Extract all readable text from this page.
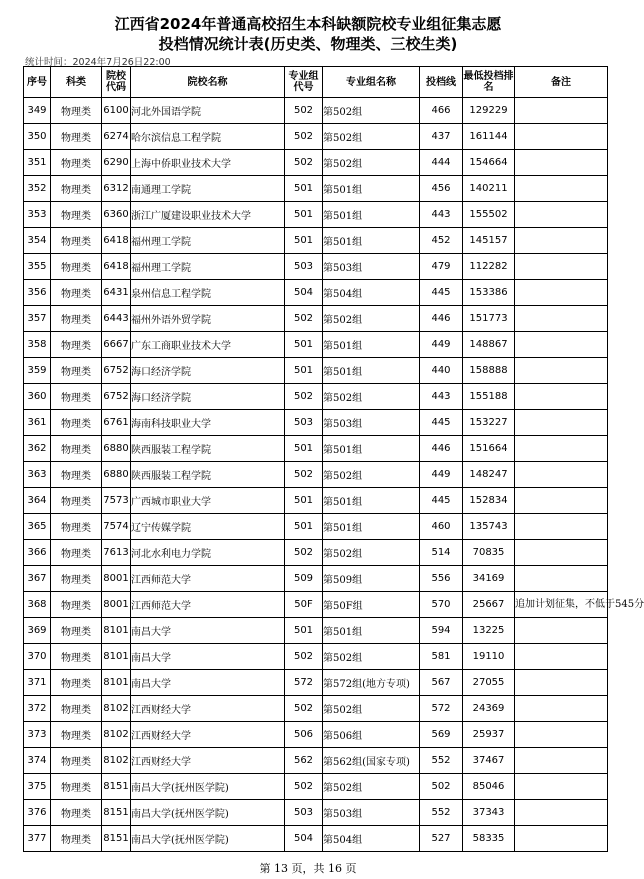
江西省2024年普通高校招生本科缺额院校专业组征集志愿
投档情况统计表(历史类、物理类、三校生类)
统计时间：2024年7月26日22:00
序号	科类	院校代码	院校名称	专业组代号	专业组名称	投档线	最低投档排名	备注
349	物理类	6100	河北外国语学院	502	第502组	466	129229	
350	物理类	6274	哈尔滨信息工程学院	502	第502组	437	161144	
351	物理类	6290	上海中侨职业技术大学	502	第502组	444	154664	
352	物理类	6312	南通理工学院	501	第501组	456	140211	
353	物理类	6360	浙江广厦建设职业技术大学	501	第501组	443	155502	
354	物理类	6418	福州理工学院	501	第501组	452	145157	
355	物理类	6418	福州理工学院	503	第503组	479	112282	
356	物理类	6431	泉州信息工程学院	504	第504组	445	153386	
357	物理类	6443	福州外语外贸学院	502	第502组	446	151773	
358	物理类	6667	广东工商职业技术大学	501	第501组	449	148867	
359	物理类	6752	海口经济学院	501	第501组	440	158888	
360	物理类	6752	海口经济学院	502	第502组	443	155188	
361	物理类	6761	海南科技职业大学	503	第503组	445	153227	
362	物理类	6880	陕西服装工程学院	501	第501组	446	151664	
363	物理类	6880	陕西服装工程学院	502	第502组	449	148247	
364	物理类	7573	广西城市职业大学	501	第501组	445	152834	
365	物理类	7574	辽宁传媒学院	501	第501组	460	135743	
366	物理类	7613	河北水利电力学院	502	第502组	514	70835	
367	物理类	8001	江西师范大学	509	第509组	556	34169	
368	物理类	8001	江西师范大学	50F	第50F组	570	25667	追加计划征集，不低于545分
369	物理类	8101	南昌大学	501	第501组	594	13225	
370	物理类	8101	南昌大学	502	第502组	581	19110	
371	物理类	8101	南昌大学	572	第572组(地方专项)	567	27055	
372	物理类	8102	江西财经大学	502	第502组	572	24369	
373	物理类	8102	江西财经大学	506	第506组	569	25937	
374	物理类	8102	江西财经大学	562	第562组(国家专项)	552	37467	
375	物理类	8151	南昌大学(抚州医学院)	502	第502组	502	85046	
376	物理类	8151	南昌大学(抚州医学院)	503	第503组	552	37343	
377	物理类	8151	南昌大学(抚州医学院)	504	第504组	527	58335	
第 13 页，共 16 页
